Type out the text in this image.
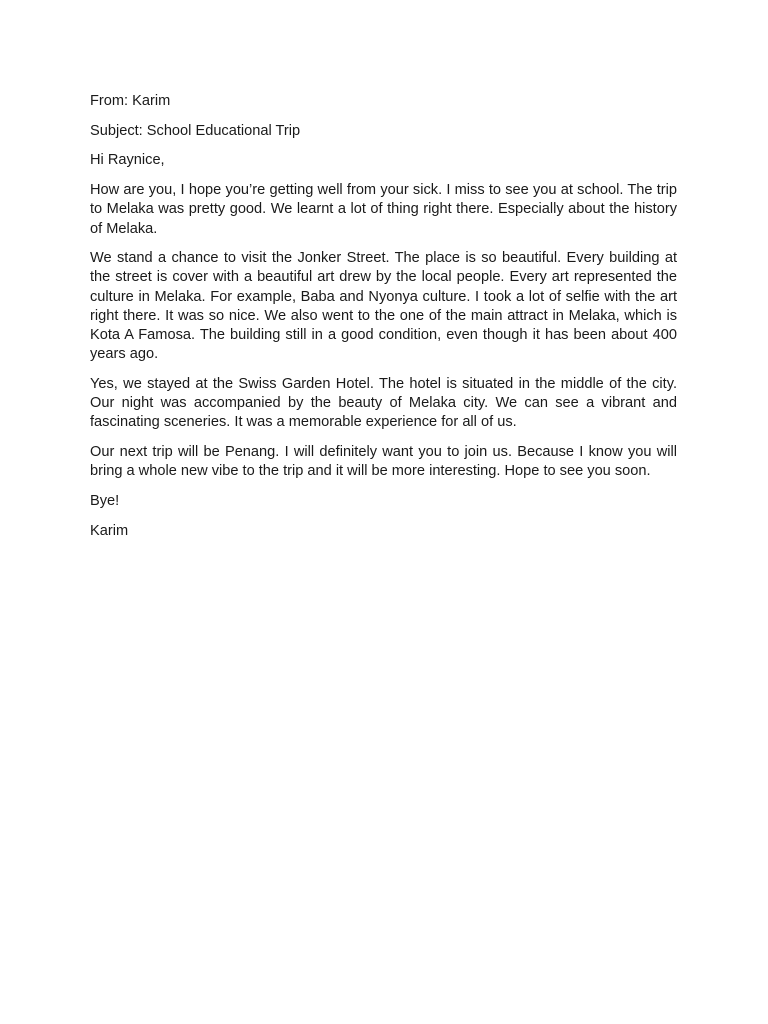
From: Karim

Subject: School Educational Trip

Hi Raynice,

How are you, I hope you’re getting well from your sick. I miss to see you at school. The trip to Melaka was pretty good. We learnt a lot of thing right there. Especially about the history of Melaka.

We stand a chance to visit the Jonker Street. The place is so beautiful. Every building at the street is cover with a beautiful art drew by the local people. Every art represented the culture in Melaka. For example, Baba and Nyonya culture. I took a lot of selfie with the art right there. It was so nice. We also went to the one of the main attract in Melaka, which is Kota A Famosa. The building still in a good condition, even though it has been about 400 years ago.

Yes, we stayed at the Swiss Garden Hotel. The hotel is situated in the middle of the city. Our night was accompanied by the beauty of Melaka city. We can see a vibrant and fascinating sceneries. It was a memorable experience for all of us.

Our next trip will be Penang. I will definitely want you to join us. Because I know you will bring a whole new vibe to the trip and it will be more interesting. Hope to see you soon.

Bye!

Karim
